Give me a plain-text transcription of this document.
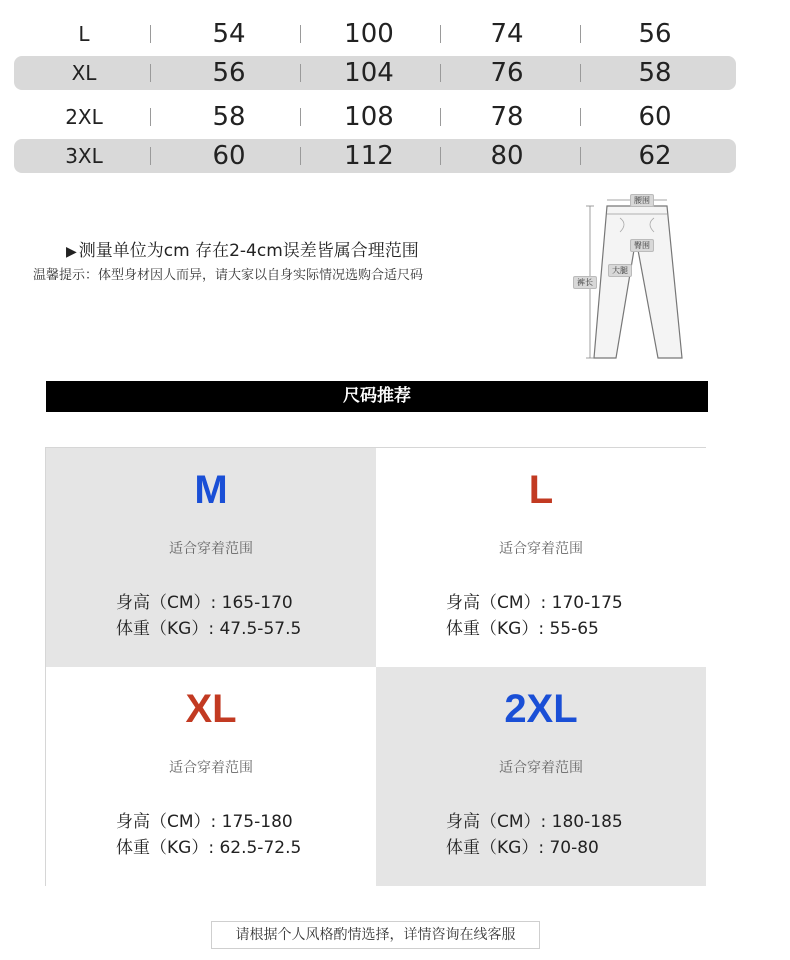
L	54	100	74	56
XL	56	104	76	58
2XL	58	108	78	60
3XL	60	112	80	62
▶ 测量单位为cm 存在2-4cm误差皆属合理范围
温馨提示：体型身材因人而异，请大家以自身实际情况选购合适尺码
腰围
臀围
大腿
裤长
尺码推荐
M
适合穿着范围
身高（CM）: 165-170
体重（KG）: 47.5-57.5
L
适合穿着范围
身高（CM）: 170-175
体重（KG）: 55-65
XL
适合穿着范围
身高（CM）: 175-180
体重（KG）: 62.5-72.5
2XL
适合穿着范围
身高（CM）: 180-185
体重（KG）: 70-80
请根据个人风格酌情选择，详情咨询在线客服
